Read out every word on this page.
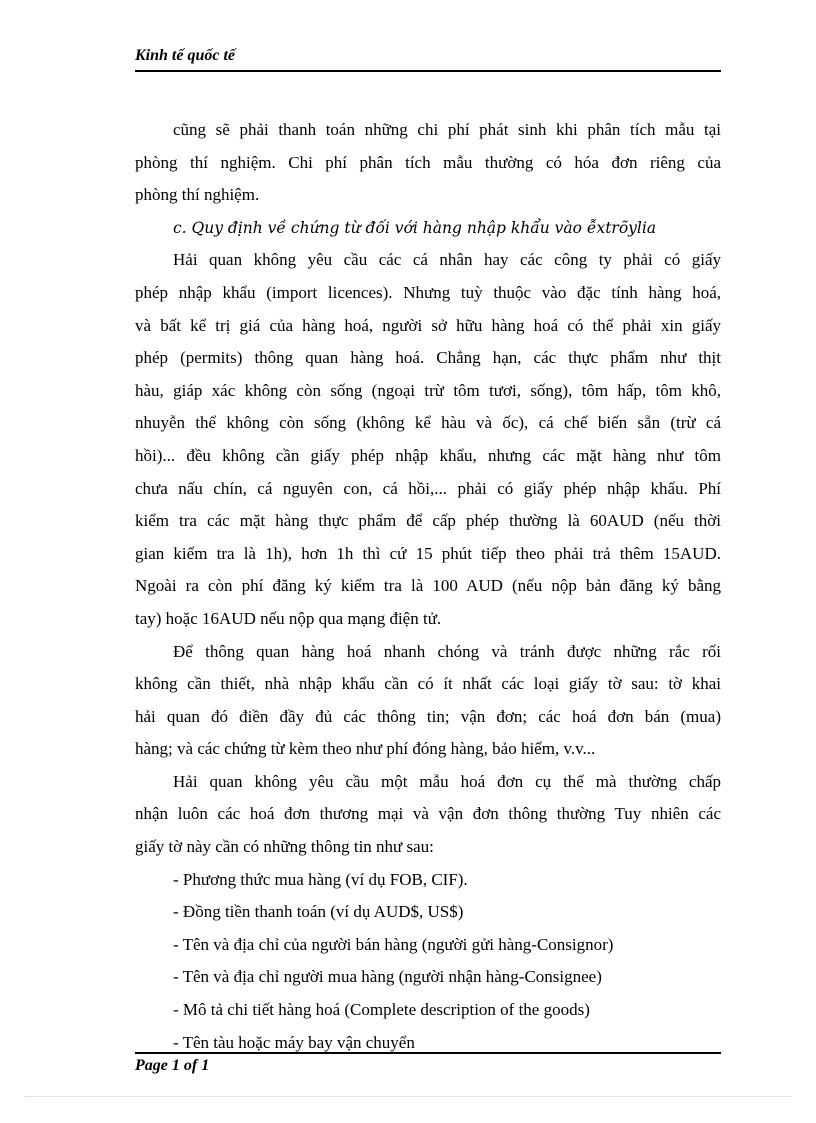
Kinh tế quốc tế
cũng sẽ phải thanh toán những chi phí phát sinh khi phân tích mẫu tại
phòng thí nghiệm. Chi phí phân tích mẫu thường có hóa đơn riêng của
phòng thí nghiệm.
c. Quy định về chứng từ đối với hàng nhập khẩu vào ễxtrõylia
Hải quan không yêu cầu các cá nhân hay các công ty phải có giấy
phép nhập khẩu (import licences). Nhưng tuỳ thuộc vào đặc tính hàng hoá,
và bất kể trị giá của hàng hoá, người sở hữu hàng hoá có thể phải xin giấy
phép (permits) thông quan hàng hoá. Chẳng hạn, các thực phẩm như thịt
hàu, giáp xác không còn sống (ngoại trừ tôm tươi, sống), tôm hấp, tôm khô,
nhuyễn thể không còn sống (không kể hàu và ốc), cá chế biến sẵn (trừ cá
hồi)... đều không cần giấy phép nhập khẩu, nhưng các mặt hàng như tôm
chưa nấu chín, cá nguyên con, cá hồi,... phải có giấy phép nhập khẩu. Phí
kiểm tra các mặt hàng thực phẩm để cấp phép thường là 60AUD (nếu thời
gian kiểm tra là 1h), hơn 1h thì cứ 15 phút tiếp theo phải trả thêm 15AUD.
Ngoài ra còn phí đăng ký kiểm tra là 100 AUD (nếu nộp bản đăng ký bằng
tay) hoặc 16AUD nếu nộp qua mạng điện tử.
Để thông quan hàng hoá nhanh chóng và tránh được những rắc rối
không cần thiết, nhà nhập khẩu cần có ít nhất các loại giấy tờ sau: tờ khai
hải quan đó điền đầy đủ các thông tin; vận đơn; các hoá đơn bán (mua)
hàng; và các chứng từ kèm theo như phí đóng hàng, bảo hiểm, v.v...
Hải quan không yêu cầu một mẫu hoá đơn cụ thể mà thường chấp
nhận luôn các hoá đơn thương mại và vận đơn thông thường Tuy nhiên các
giấy tờ này cần có những thông tin như sau:
- Phương thức mua hàng (ví dụ FOB, CIF).
- Đồng tiền thanh toán (ví dụ AUD$, US$)
- Tên và địa chỉ của người bán hàng (người gửi hàng-Consignor)
- Tên và địa chỉ người mua hàng (người nhận hàng-Consignee)
- Mô tả chi tiết hàng hoá (Complete description of the goods)
- Tên tàu hoặc máy bay vận chuyển
Page 1 of 1
